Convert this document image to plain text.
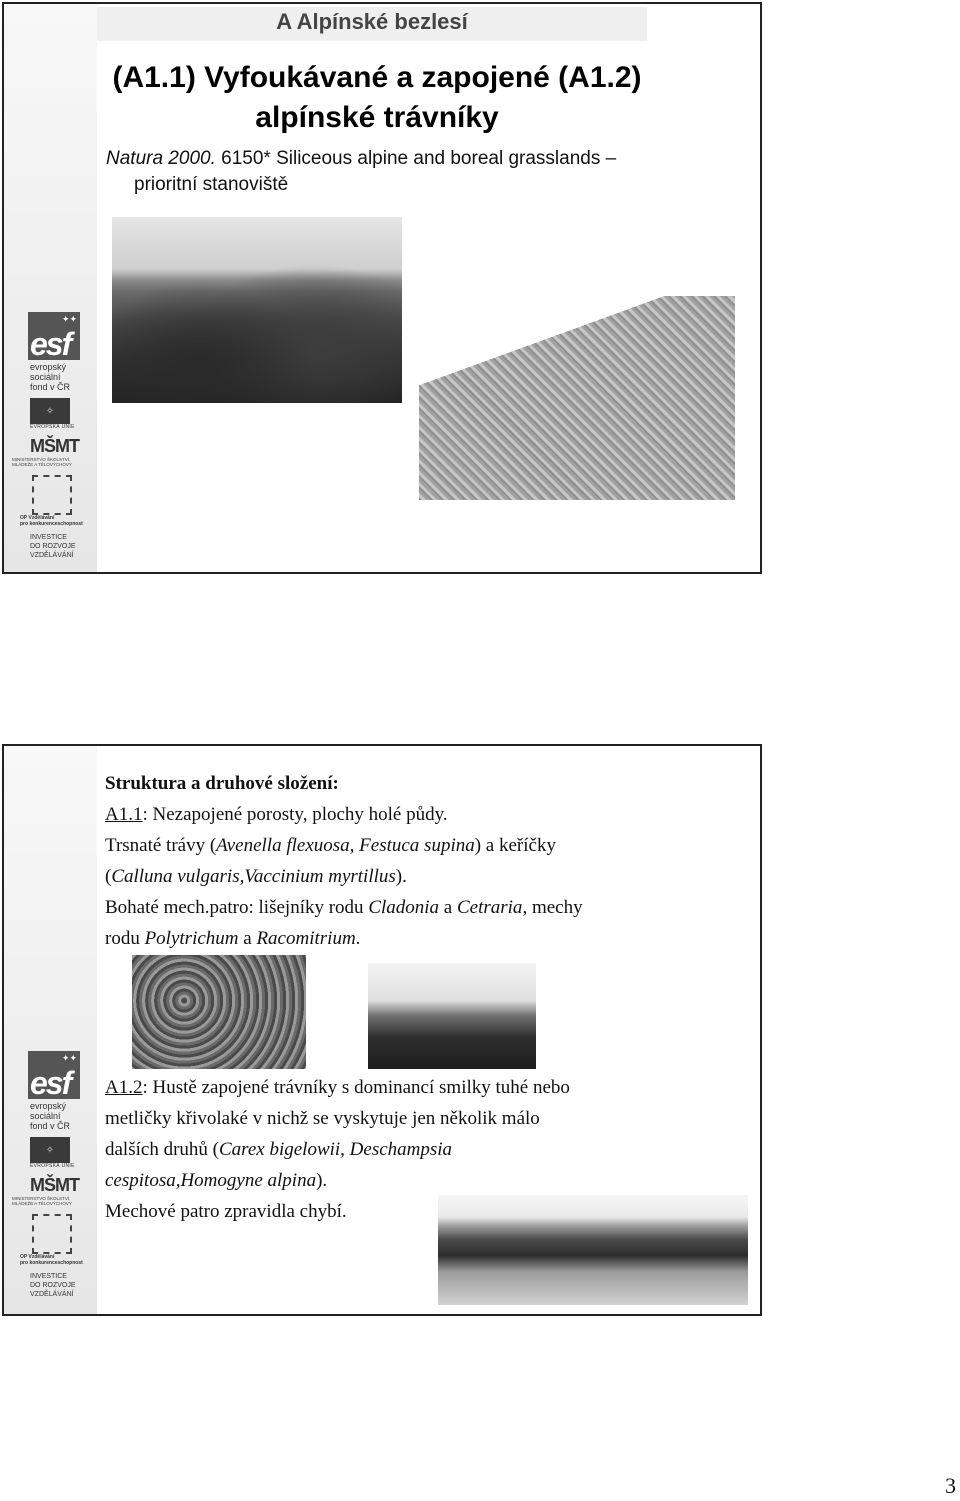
✦✦
esf
evropský
sociální
fond v ČR
✧
EVROPSKÁ UNIE
MŠMT
MINISTERSTVO ŠKOLSTVÍ,
MLÁDEŽE A TĚLOVÝCHOVY
OP Vzdělávání
pro konkurenceschopnost
INVESTICE
DO ROZVOJE
VZDĚLÁVÁNÍ
A Alpínské bezlesí
(A1.1) Vyfoukávané a zapojené (A1.2)
alpínské trávníky
Natura 2000. 6150* Siliceous alpine and boreal grasslands –
prioritní stanoviště
✦✦
esf
evropský
sociální
fond v ČR
✧
EVROPSKÁ UNIE
MŠMT
MINISTERSTVO ŠKOLSTVÍ,
MLÁDEŽE A TĚLOVÝCHOVY
OP Vzdělávání
pro konkurenceschopnost
INVESTICE
DO ROZVOJE
VZDĚLÁVÁNÍ

Struktura a druhové složení:

A1.1: Nezapojené porosty, plochy holé půdy.

Trsnaté trávy (Avenella flexuosa, Festuca supina) a keříčky
(Calluna vulgaris,Vaccinium myrtillus).

Bohaté mech.patro: lišejníky rodu Cladonia a Cetraria, mechy
rodu Polytrichum a Racomitrium.

A1.2: Hustě zapojené trávníky s dominancí smilky tuhé nebo
metličky křivolaké v nichž se vyskytuje jen několik málo
dalších druhů (Carex bigelowii, Deschampsia
cespitosa,Homogyne alpina).
Mechové patro zpravidla chybí.

3
